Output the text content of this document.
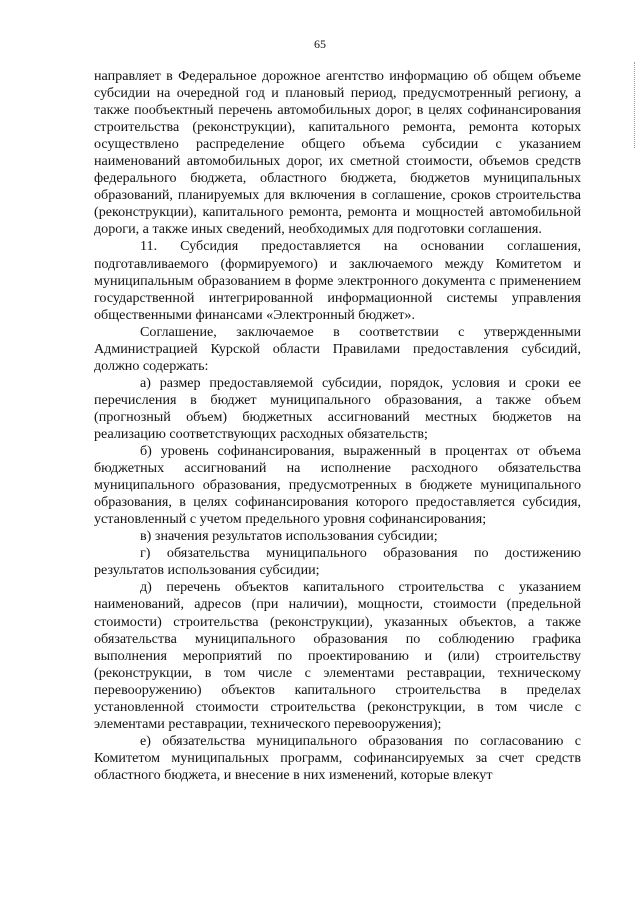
65

направляет в Федеральное дорожное агентство информацию об общем объеме субсидии на очередной год и плановый период, предусмотренный региону, а также пообъектный перечень автомобильных дорог, в целях софинансирования строительства (реконструкции), капитального ремонта, ремонта которых осуществлено распределение общего объема субсидии с указанием наименований автомобильных дорог, их сметной стоимости, объемов средств федерального бюджета, областного бюджета, бюджетов муниципальных образований, планируемых для включения в соглашение, сроков строительства (реконструкции), капитального ремонта, ремонта и мощностей автомобильной дороги, а также иных сведений, необходимых для подготовки соглашения.

11. Субсидия предоставляется на основании соглашения, подготавливаемого (формируемого) и заключаемого между Комитетом и муниципальным образованием в форме электронного документа с применением государственной интегрированной информационной системы управления общественными финансами «Электронный бюджет».

Соглашение, заключаемое в соответствии с утвержденными Администрацией Курской области Правилами предоставления субсидий, должно содержать:

а) размер предоставляемой субсидии, порядок, условия и сроки ее перечисления в бюджет муниципального образования, а также объем (прогнозный объем) бюджетных ассигнований местных бюджетов на реализацию соответствующих расходных обязательств;

б) уровень софинансирования, выраженный в процентах от объема бюджетных ассигнований на исполнение расходного обязательства муниципального образования, предусмотренных в бюджете муниципального образования, в целях софинансирования которого предоставляется субсидия, установленный с учетом предельного уровня софинансирования;

в) значения результатов использования субсидии;

г) обязательства муниципального образования по достижению результатов использования субсидии;

д) перечень объектов капитального строительства с указанием наименований, адресов (при наличии), мощности, стоимости (предельной стоимости) строительства (реконструкции), указанных объектов, а также обязательства муниципального образования по соблюдению графика выполнения мероприятий по проектированию и (или) строительству (реконструкции, в том числе с элементами реставрации, техническому перевооружению) объектов капитального строительства в пределах установленной стоимости строительства (реконструкции, в том числе с элементами реставрации, технического перевооружения);

е) обязательства муниципального образования по согласованию с Комитетом муниципальных программ, софинансируемых за счет средств областного бюджета, и внесение в них изменений, которые влекут
